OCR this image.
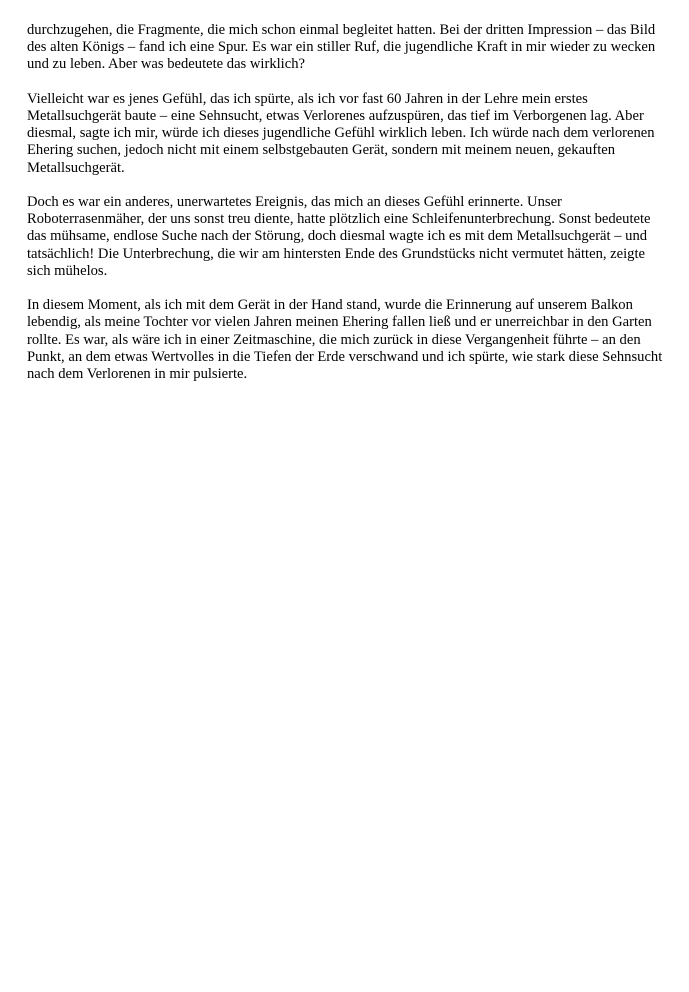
durchzugehen, die Fragmente, die mich schon einmal begleitet hatten. Bei der dritten Impression – das Bild des alten Königs – fand ich eine Spur. Es war ein stiller Ruf, die jugendliche Kraft in mir wieder zu wecken und zu leben. Aber was bedeutete das wirklich?

Vielleicht war es jenes Gefühl, das ich spürte, als ich vor fast 60 Jahren in der Lehre mein erstes Metallsuchgerät baute – eine Sehnsucht, etwas Verlorenes aufzuspüren, das tief im Verborgenen lag. Aber diesmal, sagte ich mir, würde ich dieses jugendliche Gefühl wirklich leben. Ich würde nach dem verlorenen Ehering suchen, jedoch nicht mit einem selbstgebauten Gerät, sondern mit meinem neuen, gekauften Metallsuchgerät.

Doch es war ein anderes, unerwartetes Ereignis, das mich an dieses Gefühl erinnerte. Unser Roboterrasenmäher, der uns sonst treu diente, hatte plötzlich eine Schleifenunterbrechung. Sonst bedeutete das mühsame, endlose Suche nach der Störung, doch diesmal wagte ich es mit dem Metallsuchgerät – und tatsächlich! Die Unterbrechung, die wir am hintersten Ende des Grundstücks nicht vermutet hätten, zeigte sich mühelos.

In diesem Moment, als ich mit dem Gerät in der Hand stand, wurde die Erinnerung auf unserem Balkon lebendig, als meine Tochter vor vielen Jahren meinen Ehering fallen ließ und er unerreichbar in den Garten rollte. Es war, als wäre ich in einer Zeitmaschine, die mich zurück in diese Vergangenheit führte – an den Punkt, an dem etwas Wertvolles in die Tiefen der Erde verschwand und ich spürte, wie stark diese Sehnsucht nach dem Verlorenen in mir pulsierte.
